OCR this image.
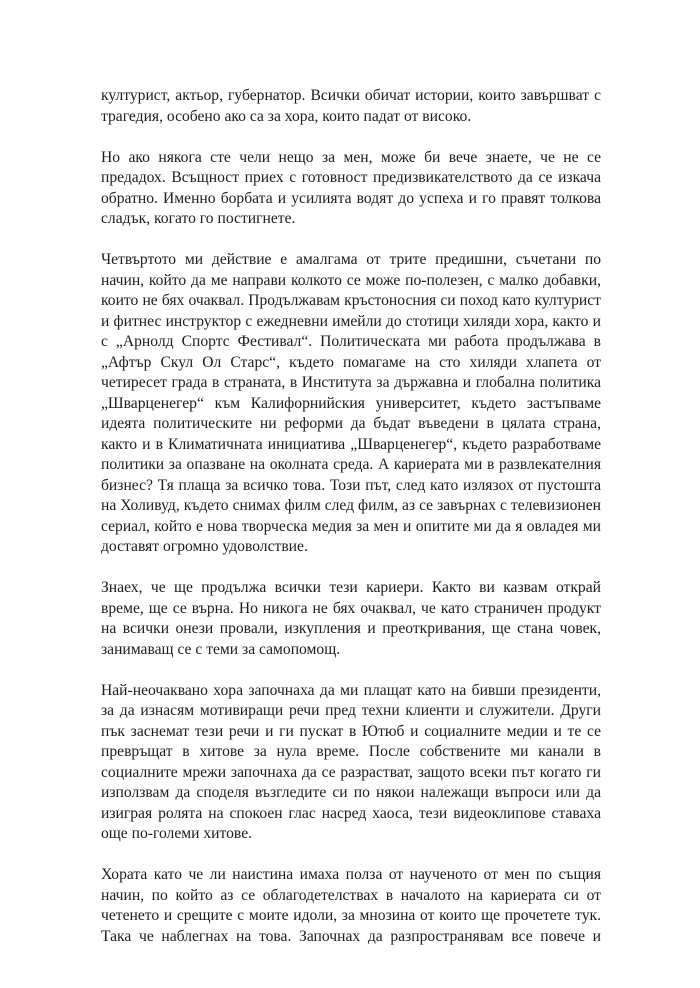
културист, актьор, губернатор. Всички обичат истории, които завършват с трагедия, особено ако са за хора, които падат от високо.

Но ако някога сте чели нещо за мен, може би вече знаете, че не се предадох. Всъщност приех с готовност предизвикателството да се изкача обратно. Именно борбата и усилията водят до успеха и го правят толкова сладък, когато го постигнете.

Четвъртото ми действие е амалгама от трите предишни, съчетани по начин, който да ме направи колкото се може по-полезен, с малко добавки, които не бях очаквал. Продължавам кръстоносния си поход като културист и фитнес инструктор с ежедневни имейли до стотици хиляди хора, както и с „Арнолд Спортс Фестивал“. Политическата ми работа продължава в „Афтър Скул Ол Старс“, където помагаме на сто хиляди хлапета от четиресет града в страната, в Института за държавна и глобална политика „Шварценегер“ към Калифорнийския университет, където застъпваме идеята политическите ни реформи да бъдат въведени в цялата страна, както и в Климатичната инициатива „Шварценегер“, където разработваме политики за опазване на околната среда. А кариерата ми в развлекателния бизнес? Тя плаща за всичко това. Този път, след като излязох от пустошта на Холивуд, където снимах филм след филм, аз се завърнах с телевизионен сериал, който е нова творческа медия за мен и опитите ми да я овладея ми доставят огромно удоволствие.

Знаех, че ще продължа всички тези кариери. Както ви казвам открай време, ще се върна. Но никога не бях очаквал, че като страничен продукт на всички онези провали, изкупления и преоткривания, ще стана човек, занимаващ се с теми за самопомощ.

Най-неочаквано хора започнаха да ми плащат като на бивши президенти, за да изнасям мотивиращи речи пред техни клиенти и служители. Други пък заснемат тези речи и ги пускат в Ютюб и социалните медии и те се превръщат в хитове за нула време. После собствените ми канали в социалните мрежи започнаха да се разрастват, защото всеки път когато ги използвам да споделя възгледите си по някои належащи въпроси или да изиграя ролята на спокоен глас насред хаоса, тези видеоклипове ставаха още по-големи хитове.

Хората като че ли наистина имаха полза от наученото от мен по същия начин, по който аз се облагодетелствах в началото на кариерата си от четенето и срещите с моите идоли, за мнозина от които ще прочетете тук. Така че наблегнах на това. Започнах да разпространявам все повече и
